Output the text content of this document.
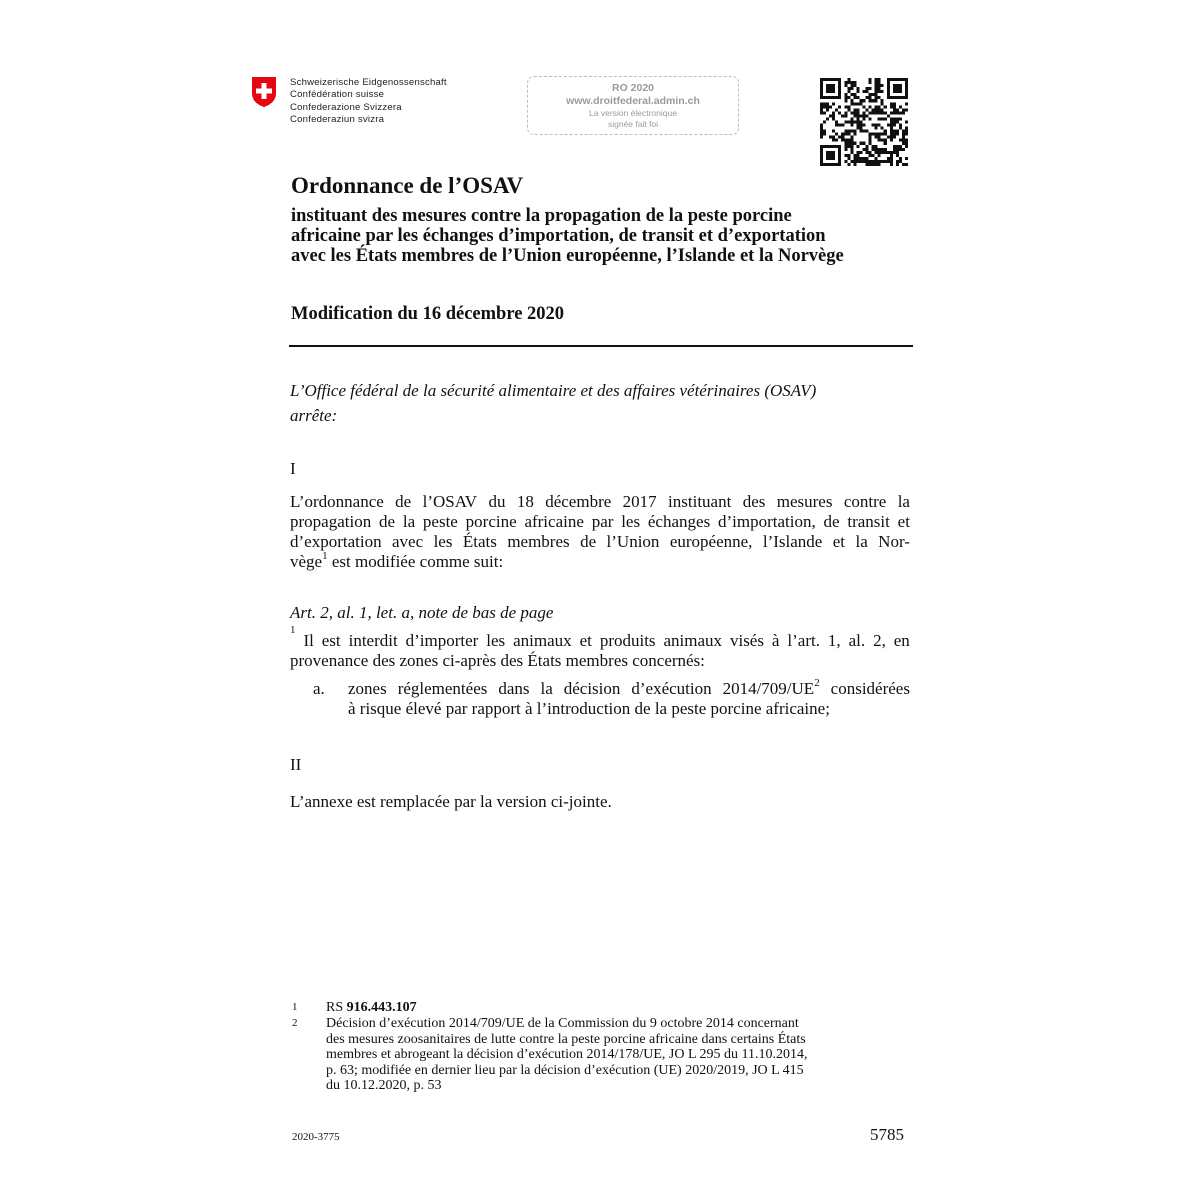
Schweizerische Eidgenossenschaft
Confédération suisse
Confederazione Svizzera
Confederaziun svizra
RO 2020
www.droitfederal.admin.ch
La version électronique
signée fait foi
Ordonnance de l’OSAV
instituant des mesures contre la propagation de la peste porcine
africaine par les échanges d’importation, de transit et d’exportation
avec les États membres de l’Union européenne, l’Islande et la Norvège
Modification du 16 décembre 2020
L’Office fédéral de la sécurité alimentaire et des affaires vétérinaires (OSAV)
arrête:
I
L’ordonnance de l’OSAV du 18 décembre 2017 instituant des mesures contre la
propagation de la peste porcine africaine par les échanges d’importation, de transit et
d’exportation avec les États membres de l’Union européenne, l’Islande et la Nor-
vège$^1$ est modifiée comme suit:
Art. 2, al. 1, let. a, note de bas de page
$^1$
Il est interdit d’importer les animaux et produits animaux visés à l’art. 1, al. 2, en
provenance des zones ci-après des États membres concernés:
a. zones réglementées dans la décision d’exécution $2014/709/UE^2$ considérées
à risque élevé par rapport à l’introduction de la peste porcine africaine;
II
L’annexe est remplacée par la version ci-jointe.
1 RS 916.443.107
2 Décision d’exécution 2014/709/UE de la Commission du 9 octobre 2014 concernant
des mesures zoosanitaires de lutte contre la peste porcine africaine dans certains États
membres et abrogeant la décision d’exécution 2014/178/UE, JO L 295 du 11.10.2014,
p. 63; modifiée en dernier lieu par la décision d’exécution (UE) 2020/2019, JO L 415
du 10.12.2020, p. 53
2020-3775	5785
